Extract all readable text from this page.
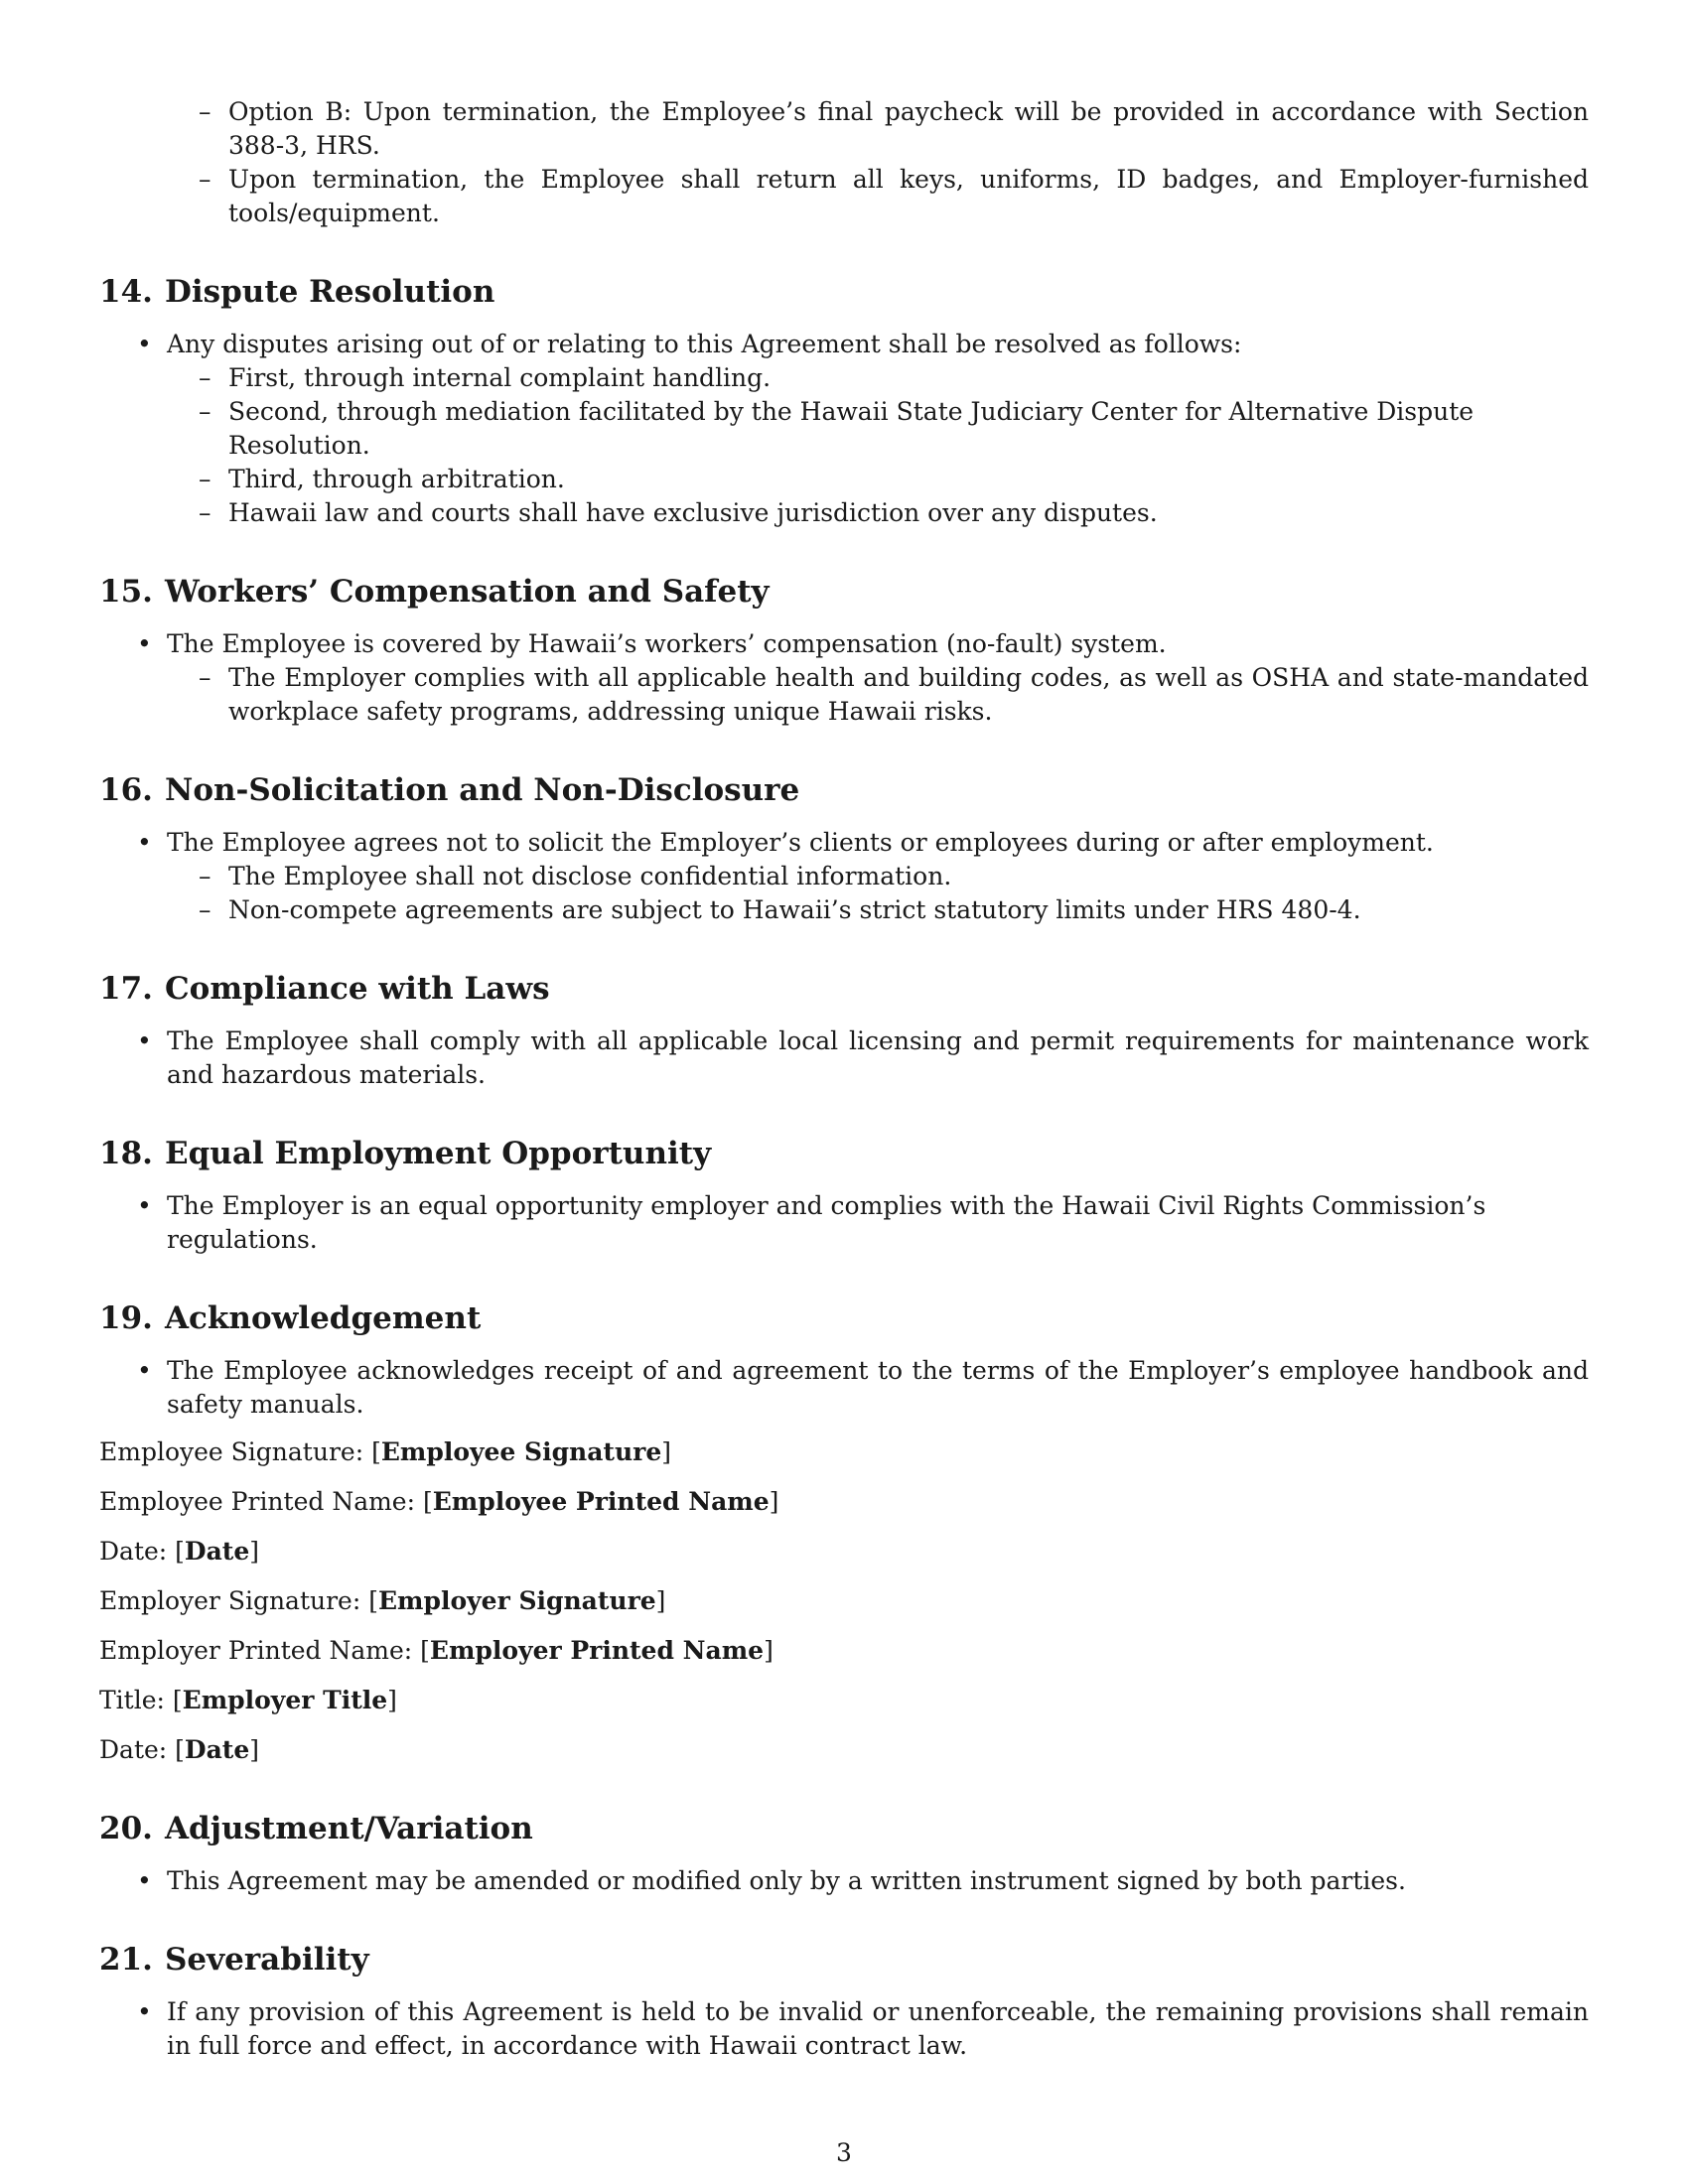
– Option B: Upon termination, the Employee’s final paycheck will be provided in accordance with Section 388-3, HRS.
– Upon termination, the Employee shall return all keys, uniforms, ID badges, and Employer-furnished tools/equipment.
14. Dispute Resolution
• Any disputes arising out of or relating to this Agreement shall be resolved as follows:
– First, through internal complaint handling.
– Second, through mediation facilitated by the Hawaii State Judiciary Center for Alternative Dispute Resolution.
– Third, through arbitration.
– Hawaii law and courts shall have exclusive jurisdiction over any disputes.
15. Workers’ Compensation and Safety
• The Employee is covered by Hawaii’s workers’ compensation (no-fault) system.
– The Employer complies with all applicable health and building codes, as well as OSHA and state-mandated workplace safety programs, addressing unique Hawaii risks.
16. Non-Solicitation and Non-Disclosure
• The Employee agrees not to solicit the Employer’s clients or employees during or after employment.
– The Employee shall not disclose confidential information.
– Non-compete agreements are subject to Hawaii’s strict statutory limits under HRS 480-4.
17. Compliance with Laws
• The Employee shall comply with all applicable local licensing and permit requirements for maintenance work and hazardous materials.
18. Equal Employment Opportunity
• The Employer is an equal opportunity employer and complies with the Hawaii Civil Rights Commission’s regulations.
19. Acknowledgement
• The Employee acknowledges receipt of and agreement to the terms of the Employer’s employee handbook and safety manuals.

Employee Signature: [Employee Signature]

Employee Printed Name: [Employee Printed Name]

Date: [Date]

Employer Signature: [Employer Signature]

Employer Printed Name: [Employer Printed Name]

Title: [Employer Title]

Date: [Date]

20. Adjustment/Variation
• This Agreement may be amended or modified only by a written instrument signed by both parties.
21. Severability
• If any provision of this Agreement is held to be invalid or unenforceable, the remaining provisions shall remain in full force and effect, in accordance with Hawaii contract law.
3
